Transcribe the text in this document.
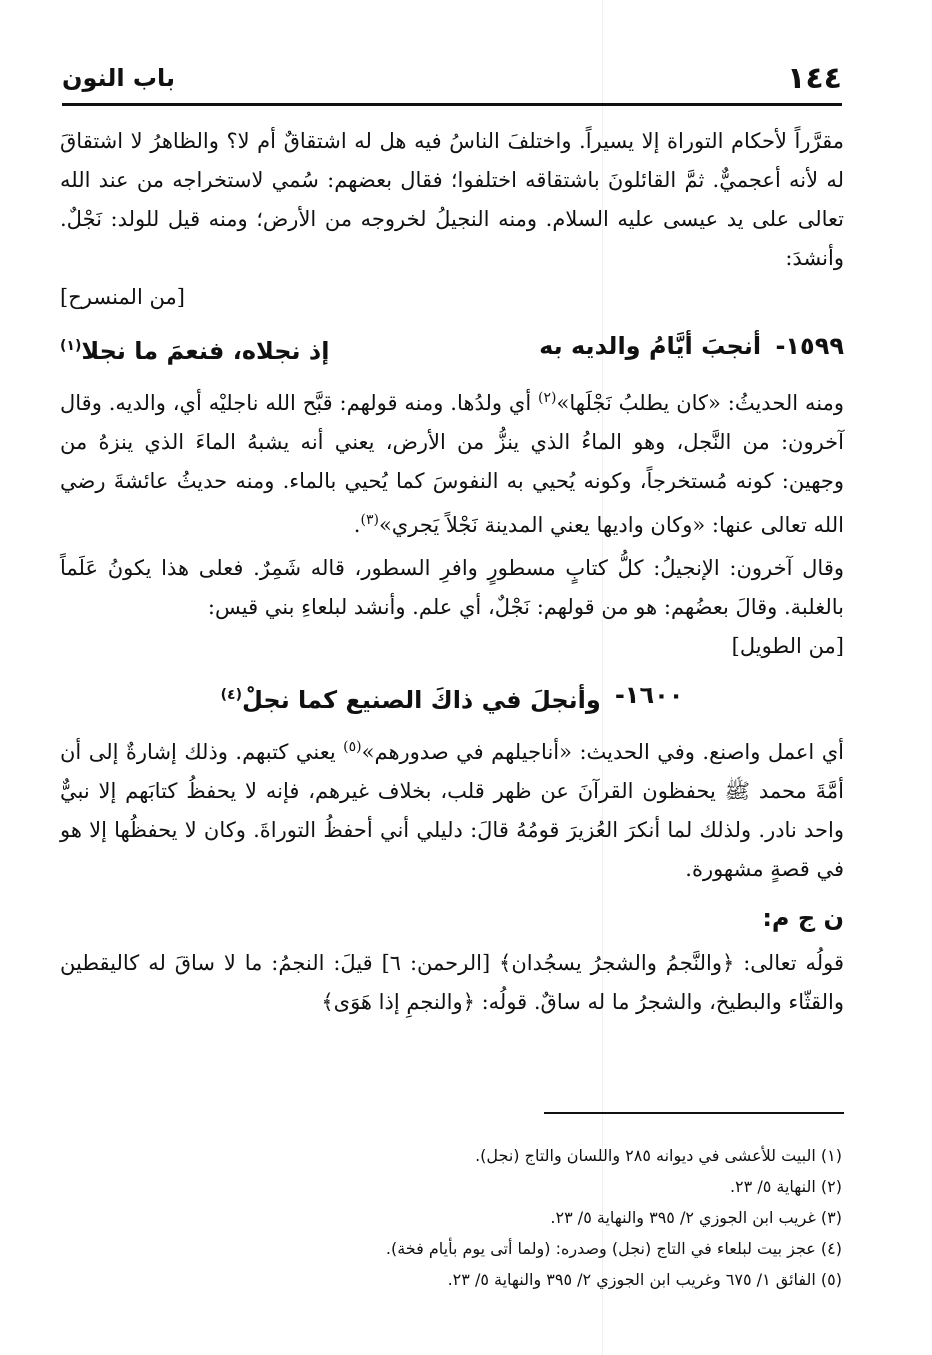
١٤٤
باب النون

مقرَّراً لأحكام التوراة إلا يسيراً. واختلفَ الناسُ فيه هل له اشتقاقٌ أم لا؟ والظاهرُ لا اشتقاقَ له لأنه أعجميٌّ. ثمَّ القائلونَ باشتقاقه اختلفوا؛ فقال بعضهم: سُمي لاستخراجه من عند الله تعالى على يد عيسى عليه السلام. ومنه النجيلُ لخروجه من الأرض؛ ومنه قيل للولد: نَجْلٌ. وأنشدَ:
[من المنسرح]

١٥٩٩- أنجبَ أيَّامُ والديه به
إذ نجلاه، فنعمَ ما نجلا$^{(١)}$

ومنه الحديثُ: «كان يطلبُ نَجْلَها»$^{(٢)}$ أي ولدُها. ومنه قولهم: قبَّح الله ناجليْه أي، والديه. وقال آخرون: من النَّجل، وهو الماءُ الذي ينزُّ من الأرض، يعني أنه يشبهُ الماءَ الذي ينزهُ من وجهين: كونه مُستخرجاً، وكونه يُحيي به النفوسَ كما يُحيي بالماء. ومنه حديثُ عائشةَ رضي الله تعالى عنها: «وكان واديها يعني المدينة نَجْلاً يَجري»$^{(٣)}$.

وقال آخرون: الإنجيلُ: كلُّ كتابٍ مسطورٍ وافرِ السطور، قاله شَمِرٌ. فعلى هذا يكونُ عَلَماً بالغلبة. وقالَ بعضُهم: هو من قولهم: نَجْلٌ، أي علم. وأنشد لبلعاءِ بني قيس:
[من الطويل]

١٦٠٠-
وأنجلَ في ذاكَ الصنيع كما نجلْ$^{(٤)}$

أي اعمل واصنع. وفي الحديث: «أناجيلهم في صدورهم»$^{(٥)}$ يعني كتبهم. وذلك إشارةٌ إلى أن أمَّةَ محمد ﷺ يحفظون القرآنَ عن ظهر قلب، بخلاف غيرهم، فإنه لا يحفظُ كتابَهم إلا نبيٌّ واحد نادر. ولذلك لما أنكرَ العُزيرَ قومُهُ قالَ: دليلي أني أحفظُ التوراةَ. وكان لا يحفظُها إلا هو في قصةٍ مشهورة.

ن ج م:

قولُه تعالى: ﴿والنَّجمُ والشجرُ يسجُدان﴾ [الرحمن: ٦] قيلَ: النجمُ: ما لا ساقَ له كاليقطين والقثّاء والبطيخ، والشجرُ ما له ساقٌ. قولُه: ﴿والنجمِ إذا هَوَى﴾

(١) البيت للأعشى في ديوانه ٢٨٥ واللسان والتاج (نجل).

(٢) النهاية ٥/ ٢٣.

(٣) غريب ابن الجوزي ٢/ ٣٩٥ والنهاية ٥/ ٢٣.

(٤) عجز بيت لبلعاء في التاج (نجل) وصدره: (ولما أتى يوم بأيام فخة).

(٥) الفائق ١/ ٦٧٥ وغريب ابن الجوزي ٢/ ٣٩٥ والنهاية ٥/ ٢٣.
